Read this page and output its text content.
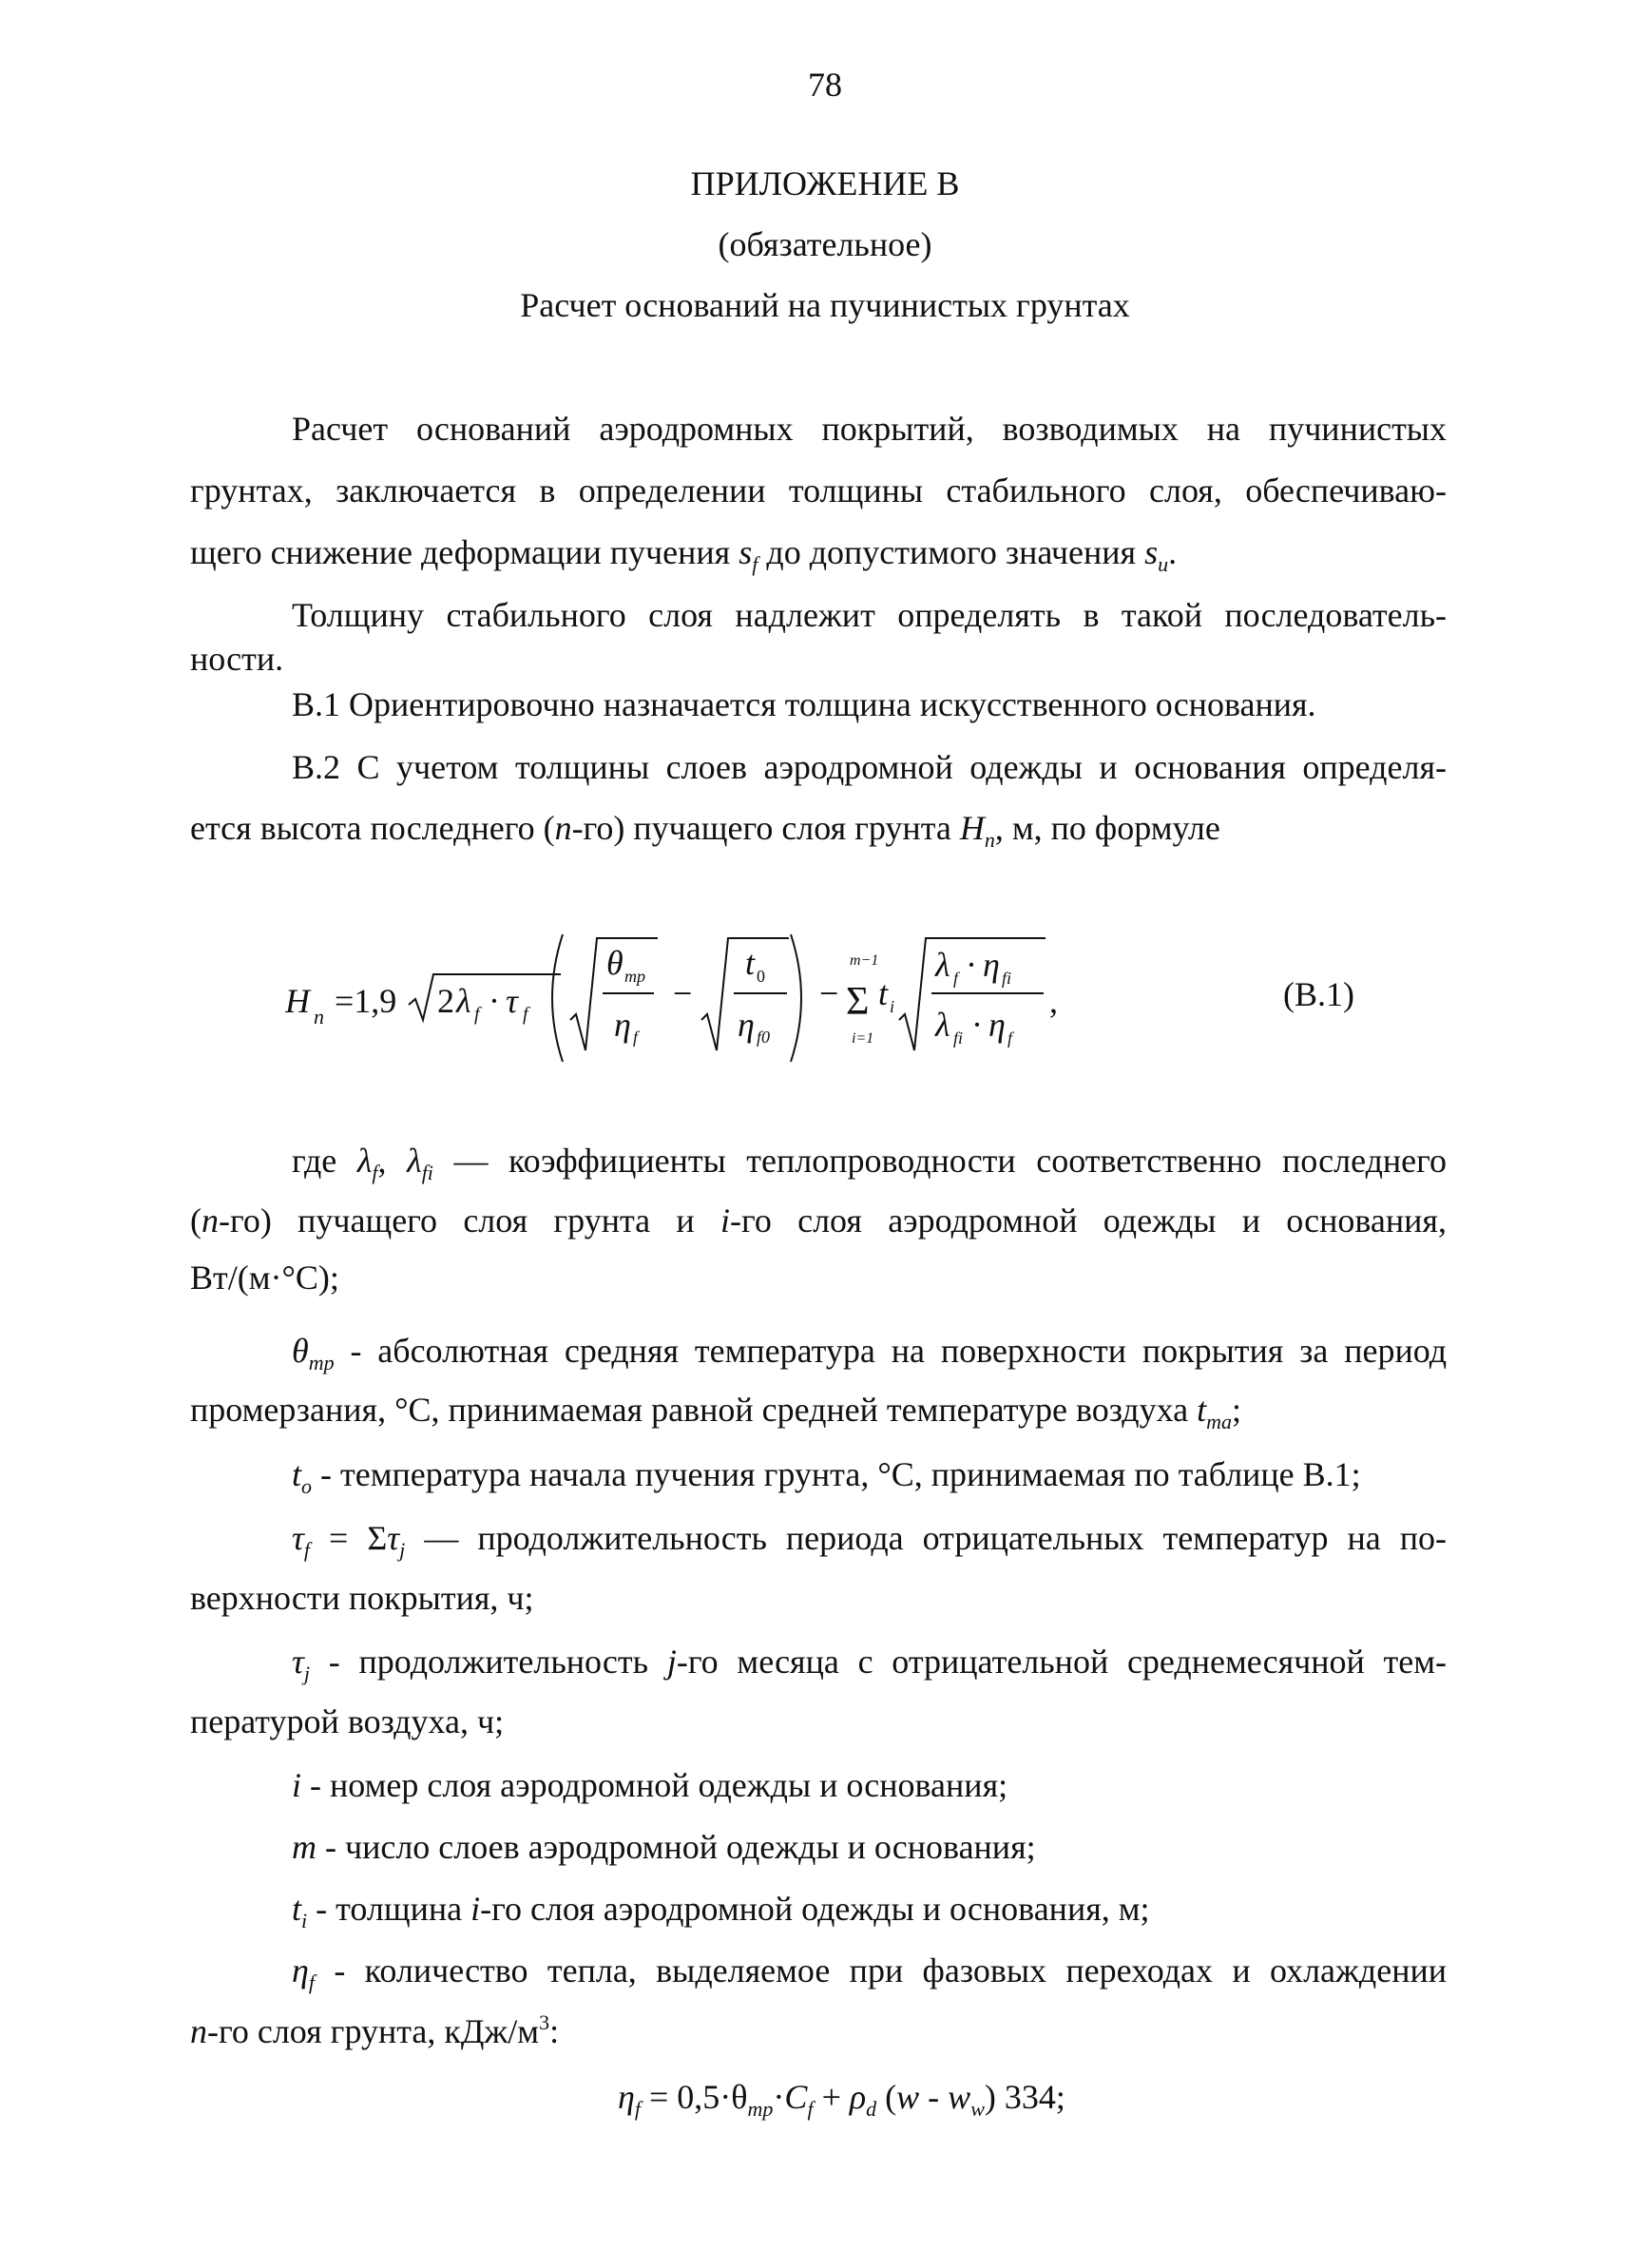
78
ПРИЛОЖЕНИЕ В
(обязательное)
Расчет оснований на пучинистых грунтах
Расчет оснований аэродромных покрытий, возводимых на пучинистых
грунтах, заключается в определении толщины стабильного слоя, обеспечиваю-
щего снижение деформации пучения $s_f$ до допустимого значения $s_u$.
Толщину стабильного слоя надлежит определять в такой последователь-
ности.
В.1 Ориентировочно назначается толщина искусственного основания.
В.2 С учетом толщины слоев аэродромной одежды и основания определя-
ется высота последнего (n-го) пучащего слоя грунта $H_n$, м, по формуле
H n =1,9 2 λ f · τ f
θ mp
η f
−
t 0
η f0
−
m−1
Σ
i=1
t i
λ f · η fi
λ fi · η f
,	(В.1)
где $\lambda_f$, $\lambda_{fi}$ — коэффициенты теплопроводности соответственно последнего
(n-го) пучащего слоя грунта и i-го слоя аэродромной одежды и основания,
Вт/(м·°С);
$\theta_{mp}$ - абсолютная средняя температура на поверхности покрытия за период
промерзания, °С, принимаемая равной средней температуре воздуха $t_{ma}$;
$t_o$ - температура начала пучения грунта, °С, принимаемая по таблице В.1;
$\tau_f = \Sigma\tau_j$ — продолжительность периода отрицательных температур на по-
верхности покрытия, ч;
$\tau_j$ - продолжительность j-го месяца с отрицательной среднемесячной тем-
пературой воздуха, ч;
i - номер слоя аэродромной одежды и основания;
m - число слоев аэродромной одежды и основания;
$t_i$ - толщина i-го слоя аэродромной одежды и основания, м;
$\eta_f$ - количество тепла, выделяемое при фазовых переходах и охлаждении
n-го слоя грунта, кДж/$м^3$:
$\eta_f = 0,5\cdot\theta_{mp}\cdot C_f + \rho_d$ $(w - w_w)$ 334;
